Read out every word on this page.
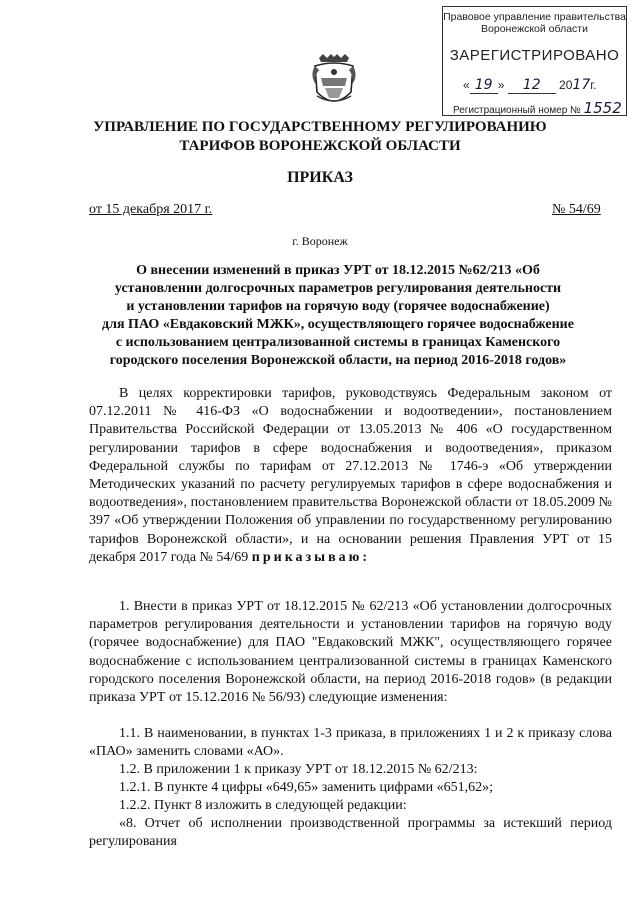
Правовое управление правительства
Воронежской области
ЗАРЕГИСТРИРОВАНО
« 19 » 12 2017г.
Регистрационный номер № 1552
УПРАВЛЕНИЕ ПО ГОСУДАРСТВЕННОМУ РЕГУЛИРОВАНИЮ
ТАРИФОВ ВОРОНЕЖСКОЙ ОБЛАСТИ
ПРИКАЗ
от 15 декабря 2017 г.	№ 54/69
г. Воронеж
О внесении изменений в приказ УРТ от 18.12.2015 №62/213 «Об
установлении долгосрочных параметров регулирования деятельности
и установлении тарифов на горячую воду (горячее водоснабжение)
для ПАО «Евдаковский МЖК», осуществляющего горячее водоснабжение
с использованием централизованной системы в границах Каменского
городского поселения Воронежской области, на период 2016-2018 годов»
В целях корректировки тарифов, руководствуясь Федеральным законом от 07.12.2011 № 416-ФЗ «О водоснабжении и водоотведении», постановлением Правительства Российской Федерации от 13.05.2013 № 406 «О государственном регулировании тарифов в сфере водоснабжения и водоотведения», приказом Федеральной службы по тарифам от 27.12.2013 № 1746-э «Об утверждении Методических указаний по расчету регулируемых тарифов в сфере водоснабжения и водоотведения», постановлением правительства Воронежской области от 18.05.2009 № 397 «Об утверждении Положения об управлении по государственному регулированию тарифов Воронежской области», и на основании решения Правления УРТ от 15 декабря 2017 года № 54/69 приказываю:
1. Внести в приказ УРТ от 18.12.2015 № 62/213 «Об установлении долгосрочных параметров регулирования деятельности и установлении тарифов на горячую воду (горячее водоснабжение) для ПАО "Евдаковский МЖК", осуществляющего горячее водоснабжение с использованием централизованной системы в границах Каменского городского поселения Воронежской области, на период 2016-2018 годов» (в редакции приказа УРТ от 15.12.2016 № 56/93) следующие изменения:
1.1. В наименовании, в пунктах 1-3 приказа, в приложениях 1 и 2 к приказу слова «ПАО» заменить словами «АО».
1.2. В приложении 1 к приказу УРТ от 18.12.2015 № 62/213:
1.2.1. В пункте 4 цифры «649,65» заменить цифрами «651,62»;
1.2.2. Пункт 8 изложить в следующей редакции:
«8. Отчет об исполнении производственной программы за истекший период регулирования
